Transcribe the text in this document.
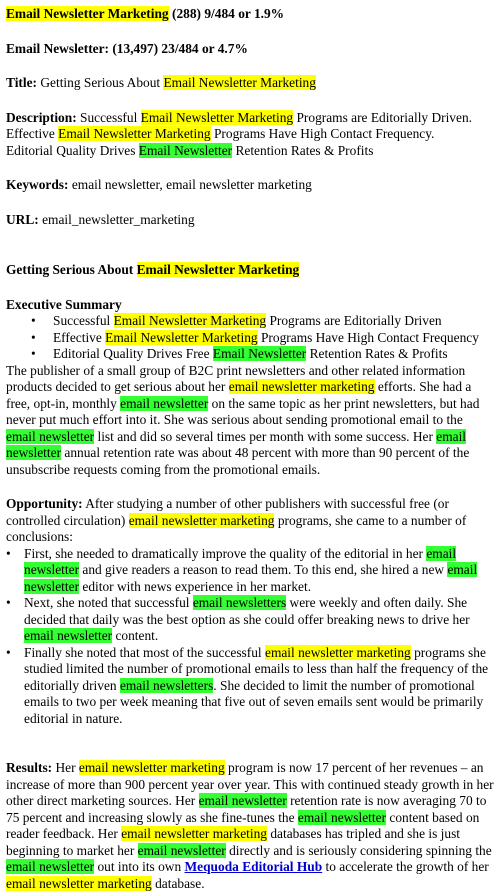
Email Newsletter Marketing (288) 9/484 or 1.9%

Email Newsletter: (13,497) 23/484 or 4.7%

Title: Getting Serious About Email Newsletter Marketing

Description: Successful Email Newsletter Marketing Programs are Editorially Driven.
Effective Email Newsletter Marketing Programs Have High Contact Frequency.
Editorial Quality Drives Email Newsletter Retention Rates & Profits

Keywords: email newsletter, email newsletter marketing

URL: email_newsletter_marketing

Getting Serious About Email Newsletter Marketing

Executive Summary

• Successful Email Newsletter Marketing Programs are Editorially Driven
• Effective Email Newsletter Marketing Programs Have High Contact Frequency
• Editorial Quality Drives Free Email Newsletter Retention Rates & Profits

The publisher of a small group of B2C print newsletters and other related information products decided to get serious about her email newsletter marketing efforts. She had a free, opt-in, monthly email newsletter on the same topic as her print newsletters, but had never put much effort into it. She was serious about sending promotional email to the email newsletter list and did so several times per month with some success. Her email newsletter annual retention rate was about 48 percent with more than 90 percent of the unsubscribe requests coming from the promotional emails.

Opportunity: After studying a number of other publishers with successful free (or controlled circulation) email newsletter marketing programs, she came to a number of conclusions:

• First, she needed to dramatically improve the quality of the editorial in her email newsletter and give readers a reason to read them. To this end, she hired a new email newsletter editor with news experience in her market.
• Next, she noted that successful email newsletters were weekly and often daily. She decided that daily was the best option as she could offer breaking news to drive her email newsletter content.
• Finally she noted that most of the successful email newsletter marketing programs she studied limited the number of promotional emails to less than half the frequency of the editorially driven email newsletters. She decided to limit the number of promotional emails to two per week meaning that five out of seven emails sent would be primarily editorial in nature.

Results: Her email newsletter marketing program is now 17 percent of her revenues – an increase of more than 900 percent year over year. This with continued steady growth in her other direct marketing sources. Her email newsletter retention rate is now averaging 70 to 75 percent and increasing slowly as she fine-tunes the email newsletter content based on reader feedback. Her email newsletter marketing databases has tripled and she is just beginning to market her email newsletter directly and is seriously considering spinning the email newsletter out into its own Mequoda Editorial Hub to accelerate the growth of her email newsletter marketing database.
